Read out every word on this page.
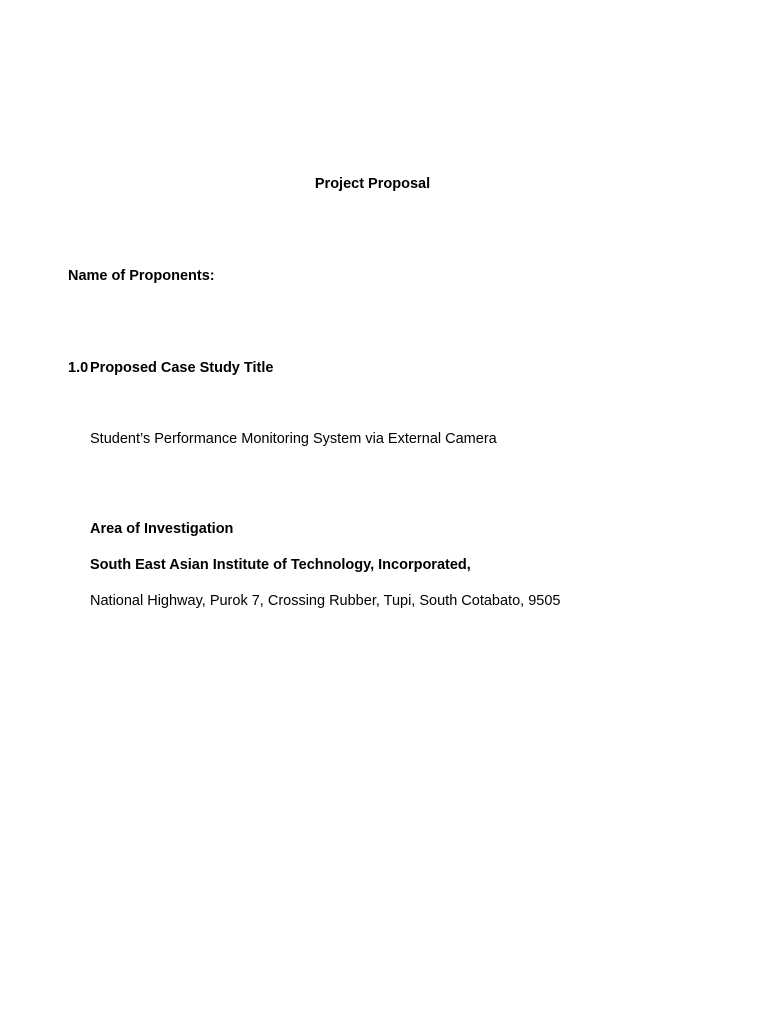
Project Proposal
Name of Proponents:
1.0 Proposed Case Study Title
Student’s Performance Monitoring System via External Camera
Area of Investigation
South East Asian Institute of Technology, Incorporated,
National Highway, Purok 7, Crossing Rubber, Tupi, South Cotabato, 9505
